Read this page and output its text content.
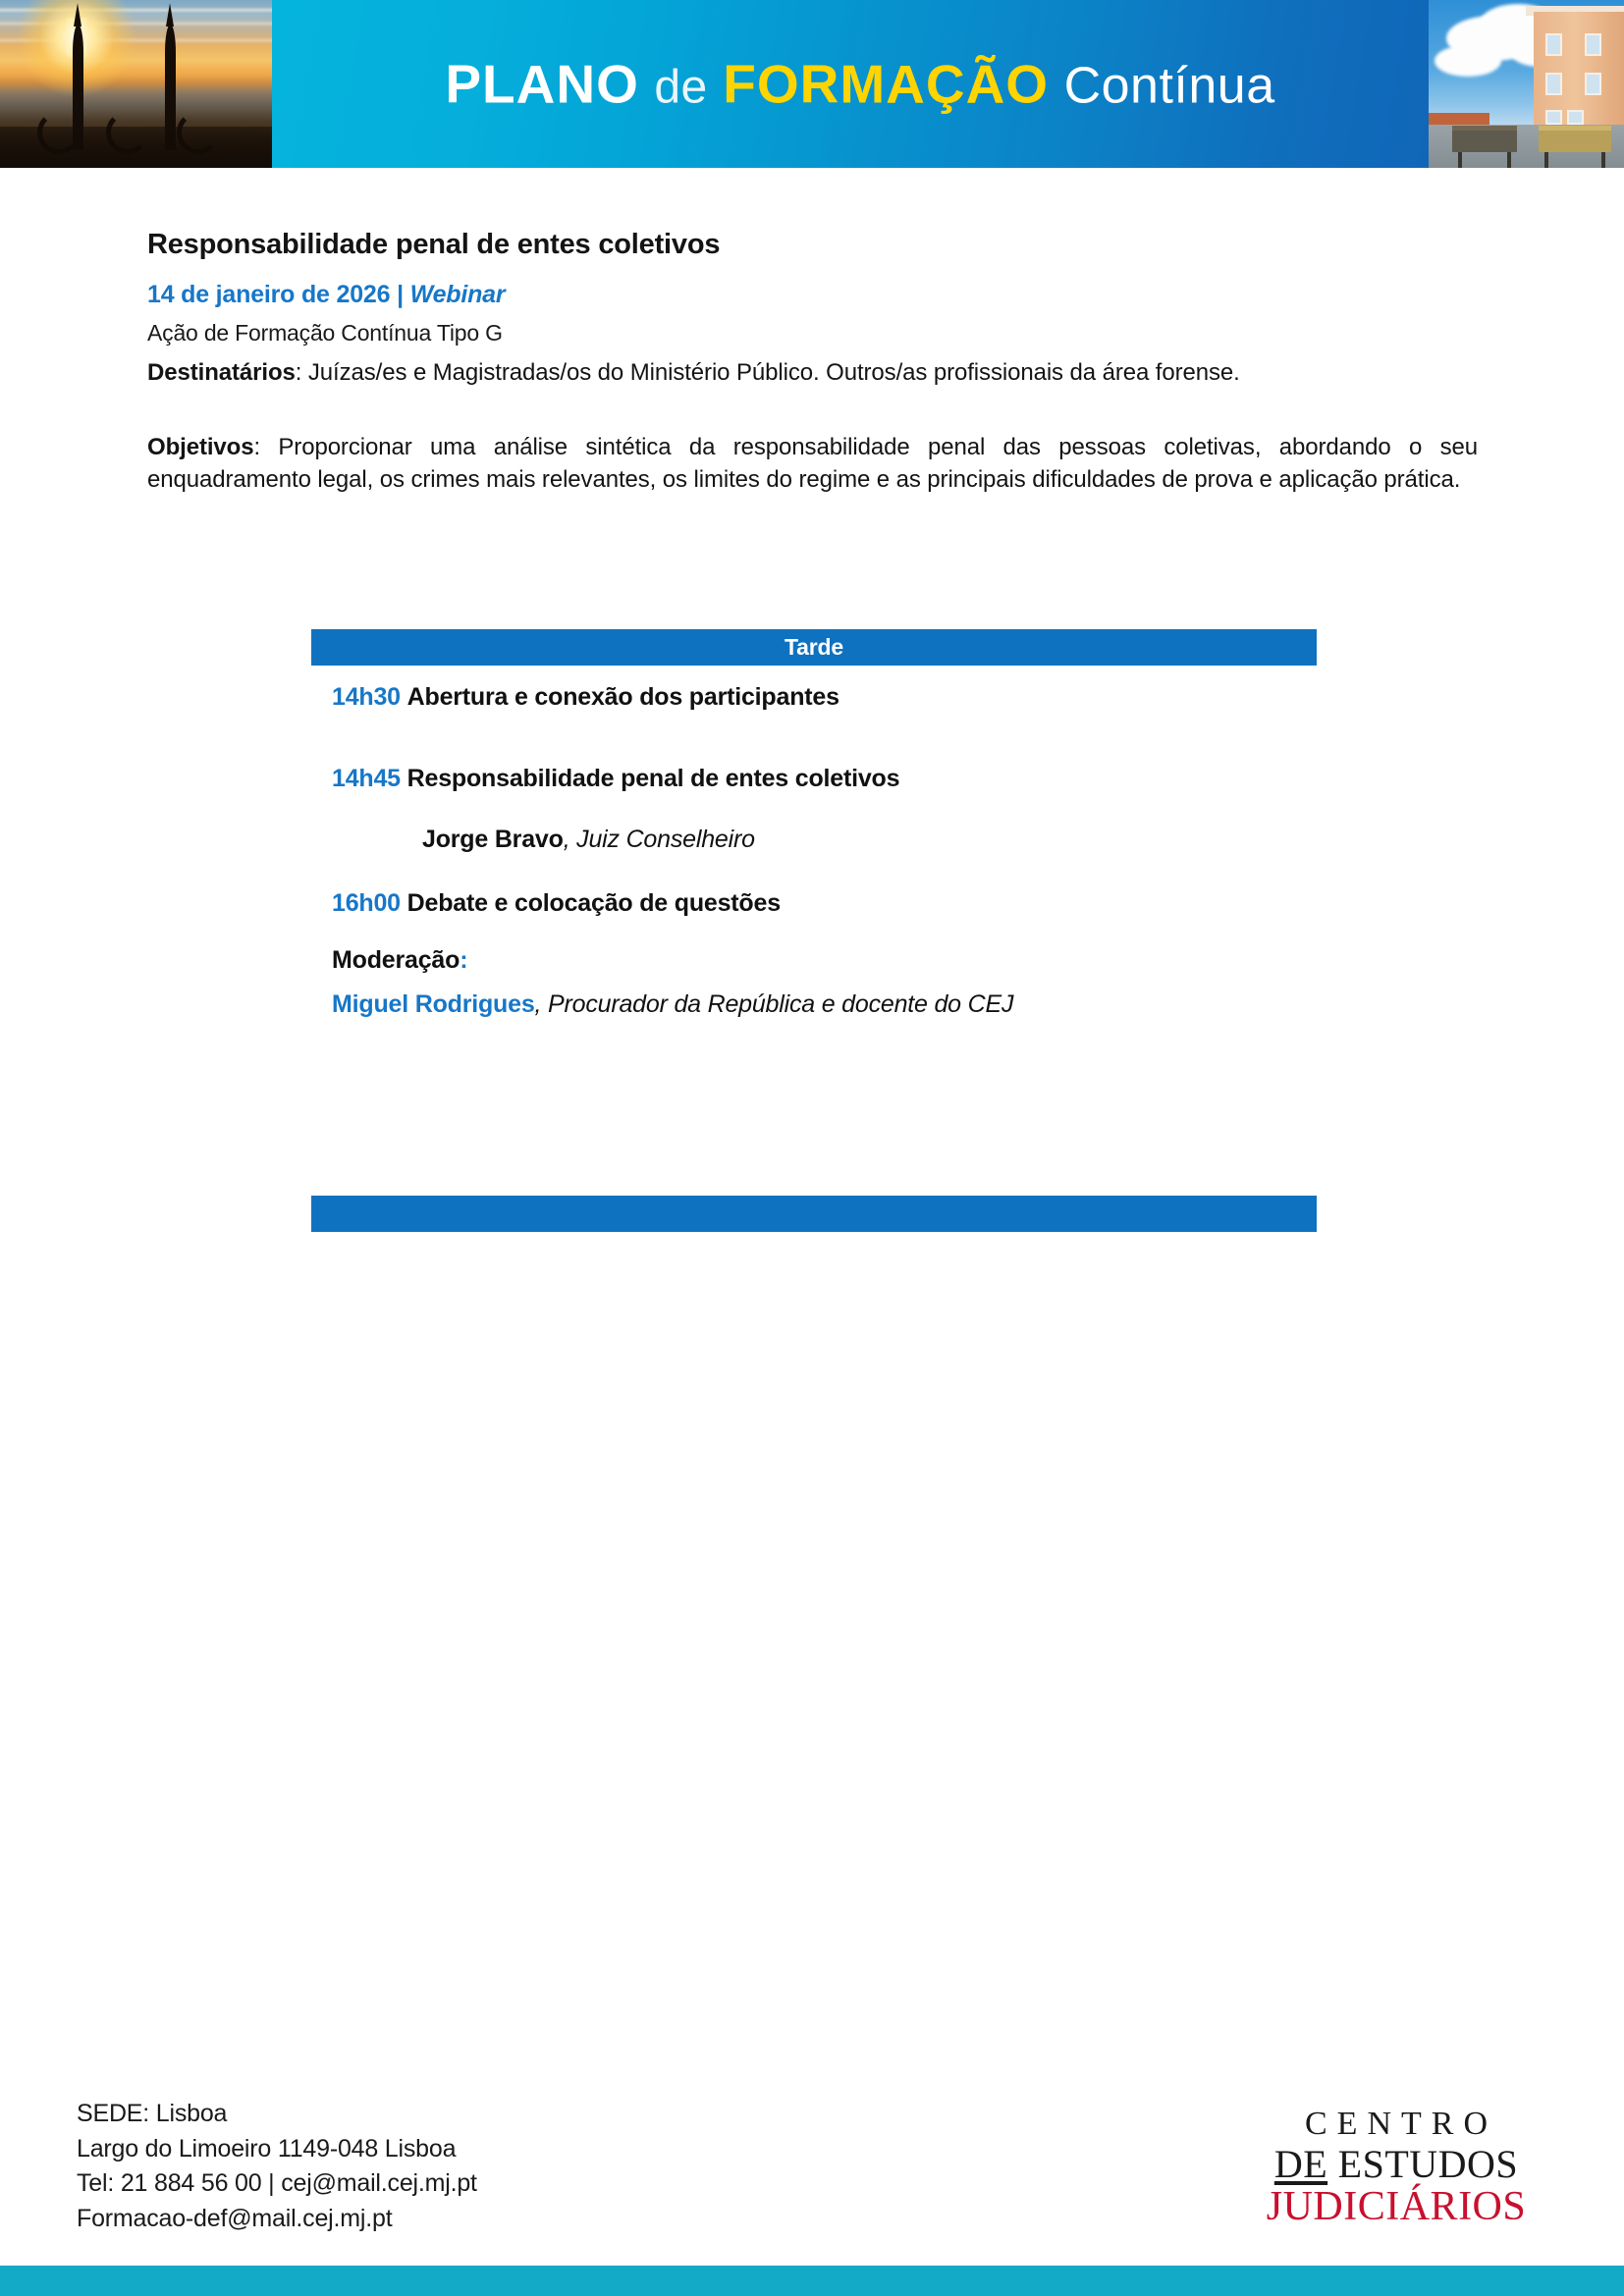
PLANO de FORMAÇÃO Contínua
Responsabilidade penal de entes coletivos
14 de janeiro de 2026 | Webinar
Ação de Formação Contínua Tipo G
Destinatários: Juízas/es e Magistradas/os do Ministério Público. Outros/as profissionais da área forense.
Objetivos: Proporcionar uma análise sintética da responsabilidade penal das pessoas coletivas, abordando o seu enquadramento legal, os crimes mais relevantes, os limites do regime e as principais dificuldades de prova e aplicação prática.
Tarde
14h30 Abertura e conexão dos participantes
14h45 Responsabilidade penal de entes coletivos
Jorge Bravo, Juiz Conselheiro
16h00 Debate e colocação de questões
Moderação:
Miguel Rodrigues, Procurador da República e docente do CEJ
SEDE: Lisboa
Largo do Limoeiro 1149-048 Lisboa
Tel: 21 884 56 00 | cej@mail.cej.mj.pt
Formacao-def@mail.cej.mj.pt
CENTRO
DE ESTUDOS
JUDICIÁRIOS
